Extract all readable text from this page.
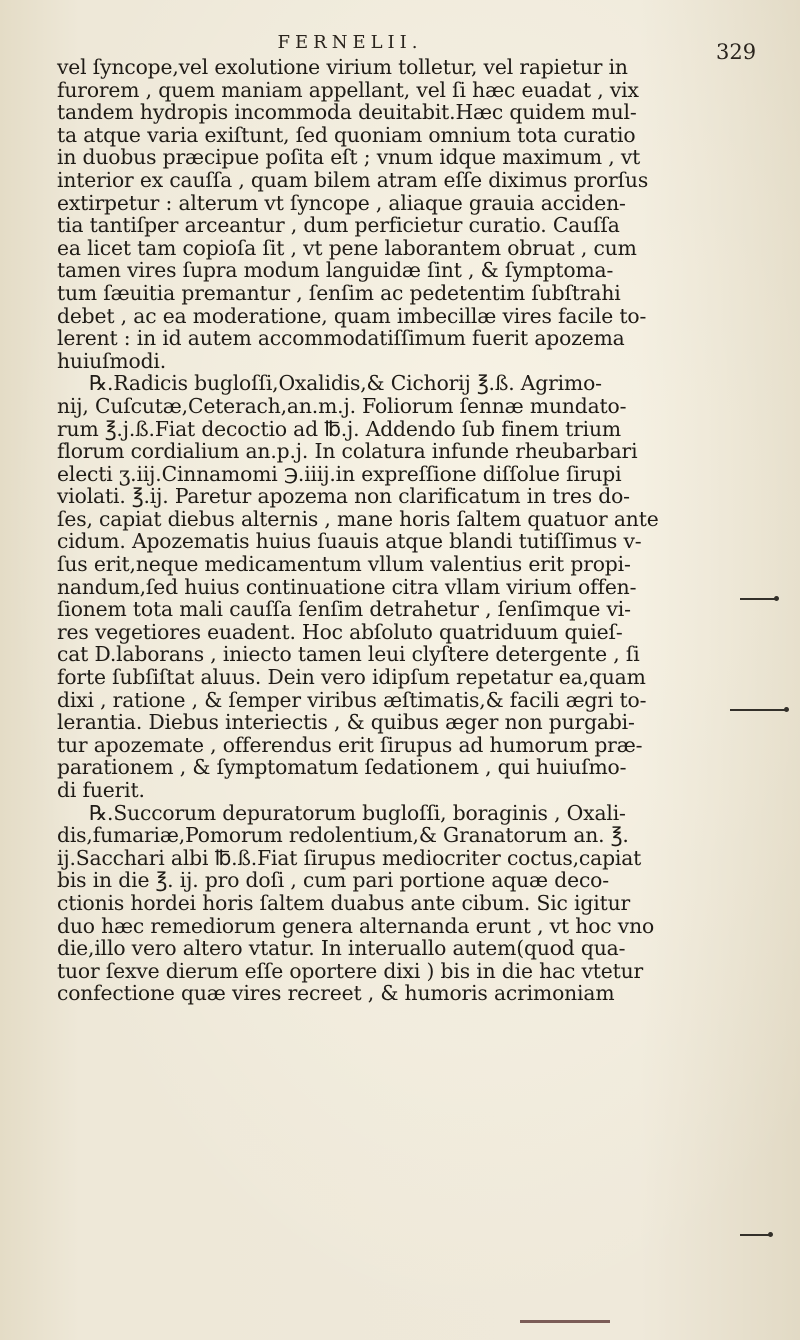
FERNELII.	329
vel ſyncope,vel exolutione virium tolletur, vel rapietur in
furorem , quem maniam appellant, vel ſi hæc euadat , vix
tandem hydropis incommoda deuitabit.Hæc quidem mul-
ta atque varia exiſtunt, ſed quoniam omnium tota curatio
in duobus præcipue poſita eſt ; vnum idque maximum , vt
interior ex cauſſa , quam bilem atram eſſe diximus prorſus
extirpetur : alterum vt ſyncope , aliaque grauia acciden-
tia tantiſper arceantur , dum perficietur curatio. Cauſſa
ea licet tam copioſa ſit , vt pene laborantem obruat , cum
tamen vires ſupra modum languidæ ſint , & ſymptoma-
tum ſæuitia premantur , ſenſim ac pedetentim ſubſtrahi
debet , ac ea moderatione, quam imbecillæ vires facile to-
lerent : in id autem accommodatiſſimum fuerit apozema
huiuſmodi.
℞.Radicis bugloſſi,Oxalidis,& Cichorij ℥.ß. Agrimo-
nij, Cuſcutæ,Ceterach,an.m.j. Foliorum ſennæ mundato-
rum ℥.j.ß.Fiat decoctio ad ℔.j. Addendo ſub finem trium
florum cordialium an.p.j. In colatura infunde rheubarbari
electi ʒ.iij.Cinnamomi ℈.iiij.in expreſſione diſſolue ſirupi
violati. ℥.ij. Paretur apozema non clarificatum in tres do-
ſes, capiat diebus alternis , mane horis ſaltem quatuor ante
cidum. Apozematis huius ſuauis atque blandi tutiſſimus v-
ſus erit,neque medicamentum vllum valentius erit propi-
nandum,ſed huius continuatione citra vllam virium offen-
ſionem tota mali cauſſa ſenſim detrahetur , ſenſimque vi-
res vegetiores euadent. Hoc abſoluto quatriduum quieſ-
cat D.laborans , iniecto tamen leui clyſtere detergente , ſi
forte ſubſiſtat aluus. Dein vero idipſum repetatur ea,quam
dixi , ratione , & ſemper viribus æſtimatis,& facili ægri to-
lerantia. Diebus interiectis , & quibus æger non purgabi-
tur apozemate , offerendus erit ſirupus ad humorum præ-
parationem , & ſymptomatum ſedationem , qui huiuſmo-
di fuerit.
℞.Succorum depuratorum bugloſſi, boraginis , Oxali-
dis,fumariæ,Pomorum redolentium,& Granatorum an. ℥.
ij.Sacchari albi ℔.ß.Fiat ſirupus mediocriter coctus,capiat
bis in die ℥. ij. pro doſi , cum pari portione aquæ deco-
ctionis hordei horis ſaltem duabus ante cibum. Sic igitur
duo hæc remediorum genera alternanda erunt , vt hoc vno
die,illo vero altero vtatur. In interuallo autem(quod qua-
tuor ſexve dierum eſſe oportere dixi ) bis in die hac vtetur
confectione quæ vires recreet , & humoris acrimoniam
